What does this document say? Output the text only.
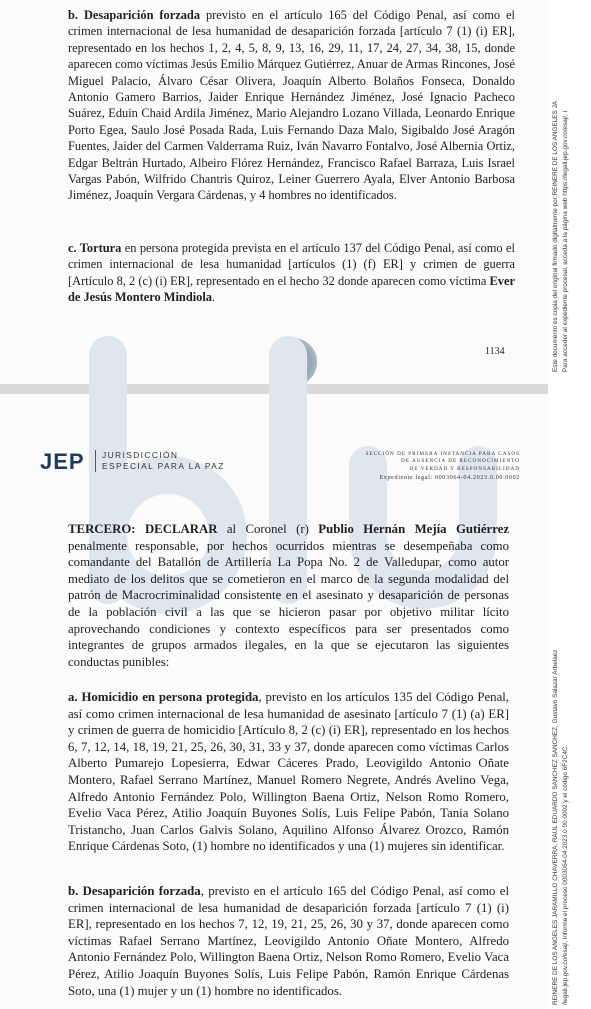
b. Desaparición forzada previsto en el artículo 165 del Código Penal, así como el crimen internacional de lesa humanidad de desaparición forzada [artículo 7 (1) (i) ER], representado en los hechos 1, 2, 4, 5, 8, 9, 13, 16, 29, 11, 17, 24, 27, 34, 38, 15, donde aparecen como víctimas Jesús Emilio Márquez Gutiérrez, Anuar de Armas Rincones, José Miguel Palacio, Álvaro César Olivera, Joaquín Alberto Bolaños Fonseca, Donaldo Antonio Gamero Barrios, Jaider Enrique Hernández Jiménez, José Ignacio Pacheco Suárez, Eduin Chaid Ardila Jiménez, Mario Alejandro Lozano Villada, Leonardo Enrique Porto Egea, Saulo José Posada Rada, Luis Fernando Daza Malo, Sigibaldo José Aragón Fuentes, Jaider del Carmen Valderrama Ruiz, Iván Navarro Fontalvo, José Albernia Ortiz, Edgar Beltrán Hurtado, Albeiro Flórez Hernández, Francisco Rafael Barraza, Luis Israel Vargas Pabón, Wilfrido Chantris Quiroz, Leiner Guerrero Ayala, Elver Antonio Barbosa Jiménez, Joaquín Vergara Cárdenas, y 4 hombres no identificados.
c. Tortura en persona protegida prevista en el artículo 137 del Código Penal, así como el crimen internacional de lesa humanidad [artículos (1) (f) ER] y crimen de guerra [Artículo 8, 2 (c) (i) ER], representado en el hecho 32 donde aparecen como víctima Ever de Jesús Montero Mindiola.
1134
JEP JURISDICCIÓN
ESPECIAL PARA LA PAZ
SECCIÓN DE PRIMERA INSTANCIA PARA CASOS
DE AUSENCIA DE RECONOCIMIENTO
DE VERDAD Y RESPONSABILIDAD
Expediente legal: 0003064-04.2023.0.00.0002
TERCERO: DECLARAR al Coronel (r) Publio Hernán Mejía Gutiérrez penalmente responsable, por hechos ocurridos mientras se desempeñaba como comandante del Batallón de Artillería La Popa No. 2 de Valledupar, como autor mediato de los delitos que se cometieron en el marco de la segunda modalidad del patrón de Macrocriminalidad consistente en el asesinato y desaparición de personas de la población civil a las que se hicieron pasar por objetivo militar lícito aprovechando condiciones y contexto específicos para ser presentados como integrantes de grupos armados ilegales, en la que se ejecutaron las siguientes conductas punibles:
a. Homicidio en persona protegida, previsto en los artículos 135 del Código Penal, así como crimen internacional de lesa humanidad de asesinato [artículo 7 (1) (a) ER] y crimen de guerra de homicidio [Artículo 8, 2 (c) (i) ER], representado en los hechos 6, 7, 12, 14, 18, 19, 21, 25, 26, 30, 31, 33 y 37, donde aparecen como víctimas Carlos Alberto Pumarejo Lopesierra, Edwar Cáceres Prado, Leovigildo Antonio Oñate Montero, Rafael Serrano Martínez, Manuel Romero Negrete, Andrés Avelino Vega, Alfredo Antonio Fernández Polo, Willington Baena Ortiz, Nelson Romo Romero, Evelio Vaca Pérez, Atilio Joaquín Buyones Solís, Luis Felipe Pabón, Tania Solano Tristancho, Juan Carlos Galvis Solano, Aquilino Alfonso Álvarez Orozco, Ramón Enrique Cárdenas Soto, (1) hombre no identificados y una (1) mujeres sin identificar.
b. Desaparición forzada, previsto en el artículo 165 del Código Penal, así como el crimen internacional de lesa humanidad de desaparición forzada [artículo 7 (1) (i) ER], representado en los hechos 7, 12, 19, 21, 25, 26, 30 y 37, donde aparecen como víctimas Rafael Serrano Martínez, Leovigildo Antonio Oñate Montero, Alfredo Antonio Fernández Polo, Willington Baena Ortiz, Nelson Romo Romero, Evelio Vaca Pérez, Atilio Joaquín Buyones Solís, Luis Felipe Pabón, Ramón Enrique Cárdenas Soto, una (1) mujer y un (1) hombre no identificados.
Este documento es copia del original firmado digitalmente por:REINERE DE LOS ANGELES JA Para acceder al expediente procesal, acceda a la página web https://legali.jep.gov.co/esaj/, i
REINERE DE LOS ANGELES JARAMILLO CHAVERRA, RAUL EDUARDO SANCHEZ SANCHEZ, Gustavo Salazar Arbelaez /legali.jep.gov.co/esaj/, informe el proceso 0003064-04.2023.0.00.0002 y el código 6F2C4C.
